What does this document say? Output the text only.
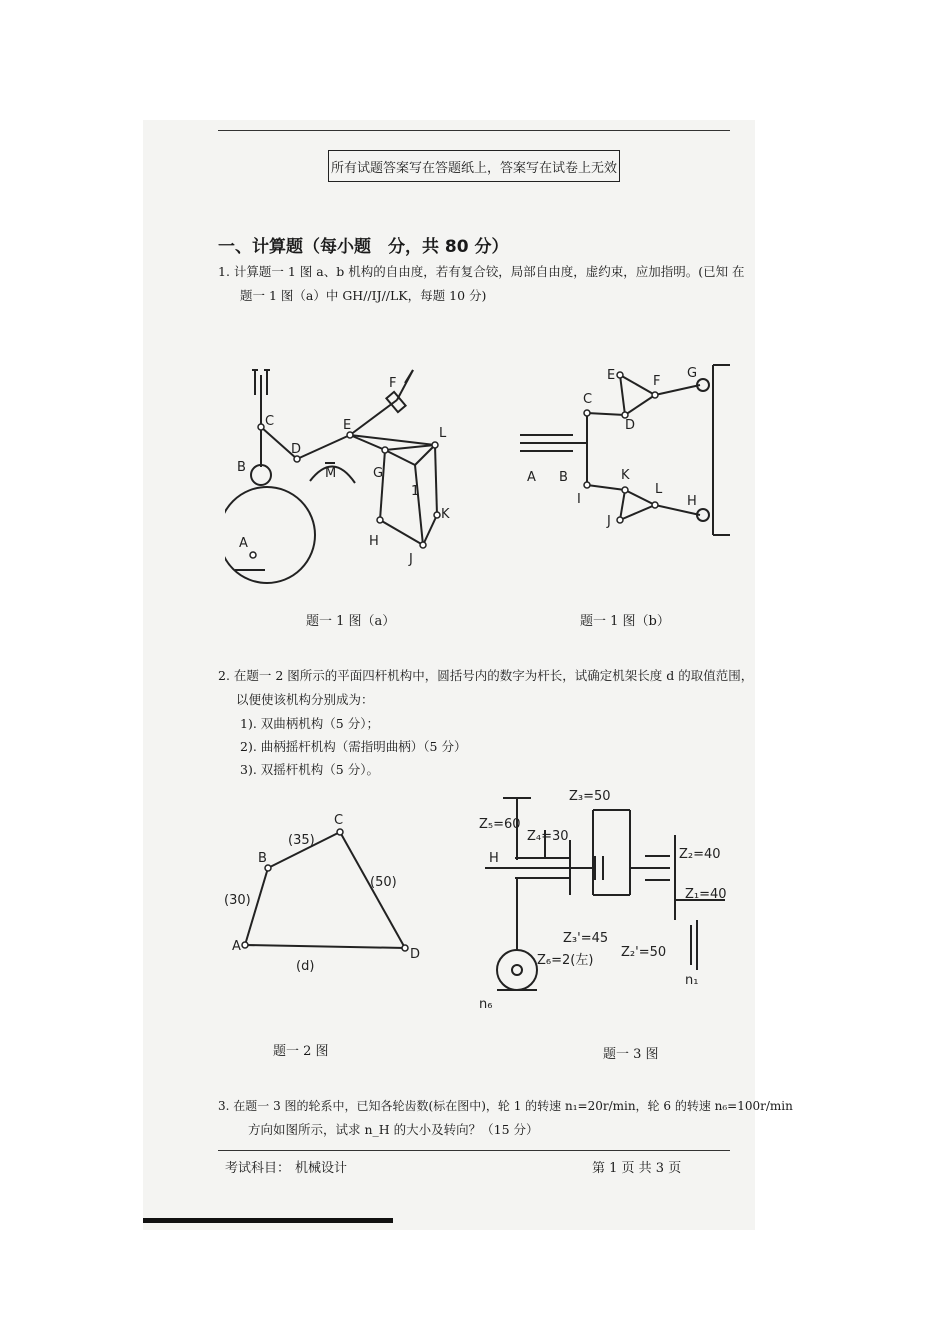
所有试题答案写在答题纸上，答案写在试卷上无效
一、计算题（每小题　分，共 80 分）
1. 计算题一 1 图 a、b 机构的自由度，若有复合铰，局部自由度，虚约束，应加指明。(已知 在
题一 1 图（a）中 GH//IJ//LK，每题 10 分)
C
B
A
D
E
M
F
G
L
1
K
H
J
E	F
G
C
D
A B
I
K
L
H
J
题一 1 图（a）	题一 1 图（b）
2. 在题一 2 图所示的平面四杆机构中，圆括号内的数字为杆长，试确定机架长度 d 的取值范围，
以便使该机构分别成为：
1). 双曲柄机构（5 分）；
2). 曲柄摇杆机构（需指明曲柄）（5 分）
3). 双摇杆机构（5 分）。
B
C
A
D
(35)
(30)
(50)
(d)
Z₃=50
Z₅=60
Z₄=30
H	Z₂=40
Z₁=40
Z₃'=45
Z₂'=50
Z₆=2(左)
n₆
n₁
题一 2 图	题一 3 图
3. 在题一 3 图的轮系中，已知各轮齿数(标在图中)，轮 1 的转速 n₁=20r/min，轮 6 的转速 n₆=100r/min
方向如图所示，试求 n_H 的大小及转向？（15 分）
考试科目： 机械设计	第 1 页 共 3 页
